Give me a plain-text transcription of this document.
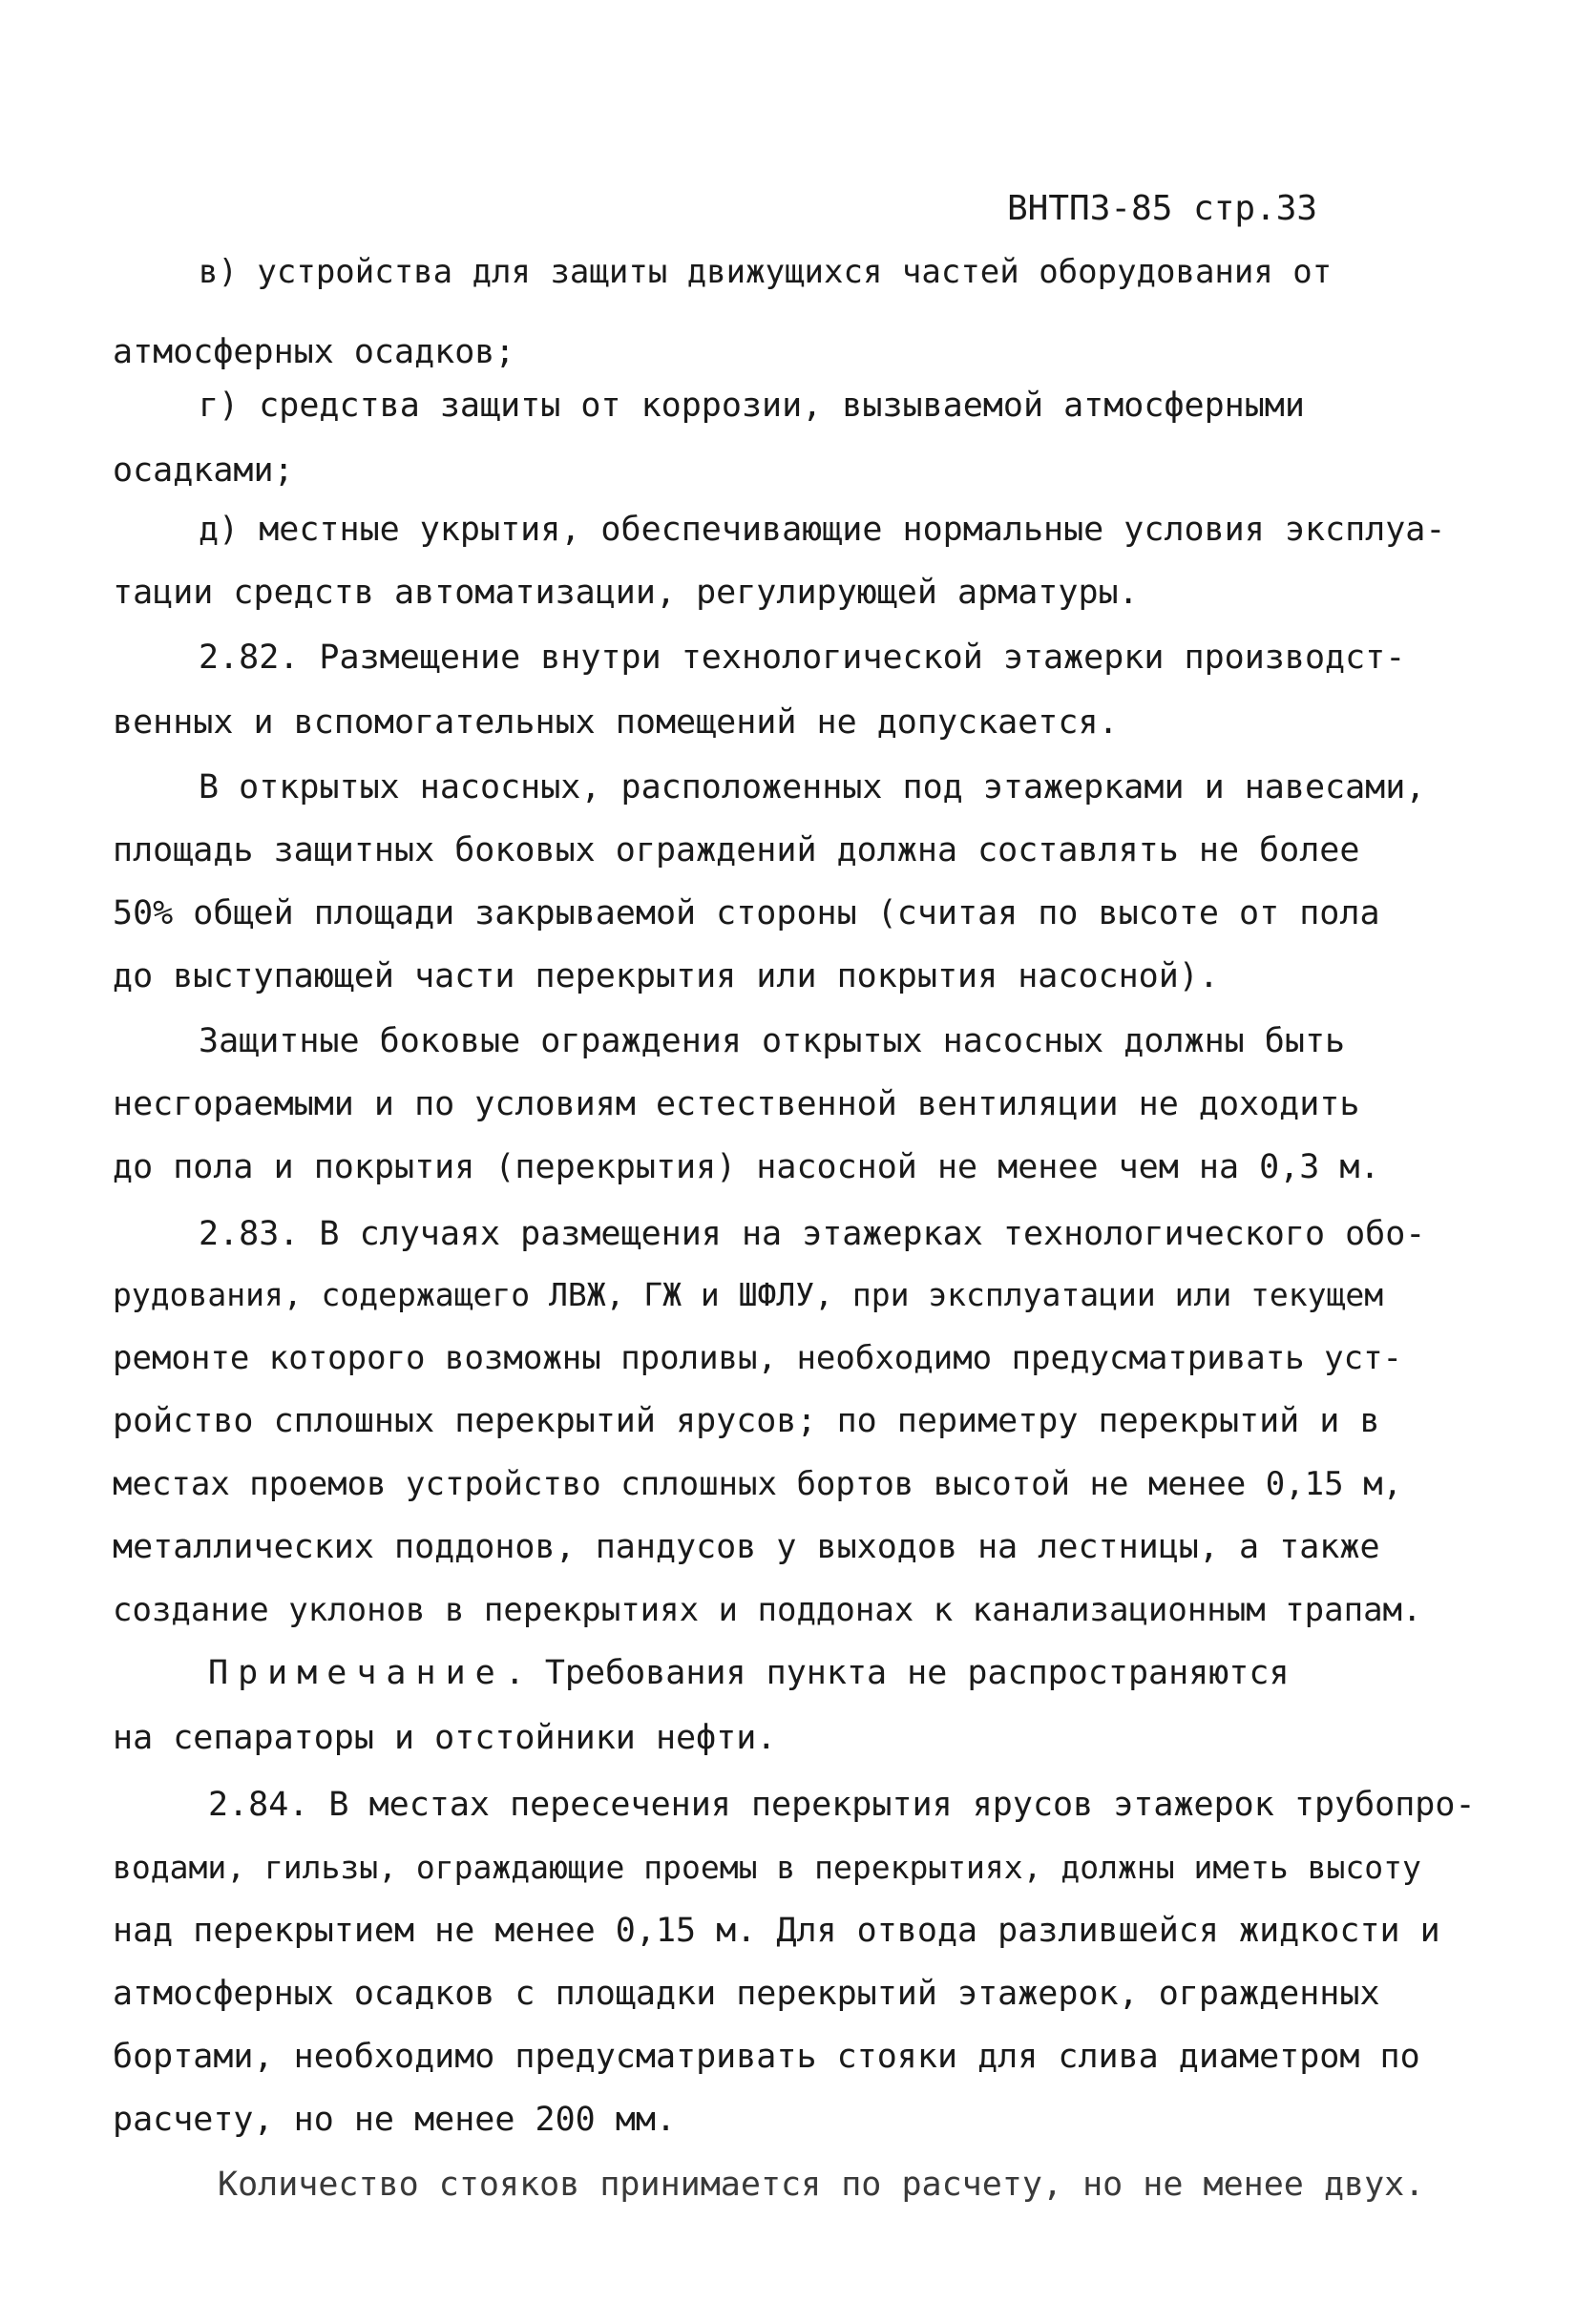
ВНТП3-85 стр.33
в) устройства для защиты движущихся частей оборудования от
атмосферных осадков;
г) средства защиты от коррозии, вызываемой атмосферными
осадками;
д) местные укрытия, обеспечивающие нормальные условия эксплуа-
тации средств автоматизации, регулирующей арматуры.
2.82. Размещение внутри технологической этажерки производст-
венных и вспомогательных помещений не допускается.
В открытых насосных, расположенных под этажерками и навесами,
площадь защитных боковых ограждений должна составлять не более
50% общей площади закрываемой стороны (считая по высоте от пола
до выступающей части перекрытия или покрытия насосной).
Защитные боковые ограждения открытых насосных должны быть
несгораемыми и по условиям естественной вентиляции не доходить
до пола и покрытия (перекрытия) насосной не менее чем на 0,3 м.
2.83. В случаях размещения на этажерках технологического обо-
рудования, содержащего ЛВЖ, ГЖ и ШФЛУ, при эксплуатации или текущем
ремонте которого возможны проливы, необходимо предусматривать уст-
ройство сплошных перекрытий ярусов; по периметру перекрытий и в
местах проемов устройство сплошных бортов высотой не менее 0,15 м,
металлических поддонов, пандусов у выходов на лестницы, а также
создание уклонов в перекрытиях и поддонах к канализационным трапам.
Примечание. Требования пункта не распространяются
на сепараторы и отстойники нефти.
2.84. В местах пересечения перекрытия ярусов этажерок трубопро-
водами, гильзы, ограждающие проемы в перекрытиях, должны иметь высоту
над перекрытием не менее 0,15 м. Для отвода разлившейся жидкости и
атмосферных осадков с площадки перекрытий этажерок, огражденных
бортами, необходимо предусматривать стояки для слива диаметром по
расчету, но не менее 200 мм.
Количество стояков принимается по расчету, но не менее двух.
